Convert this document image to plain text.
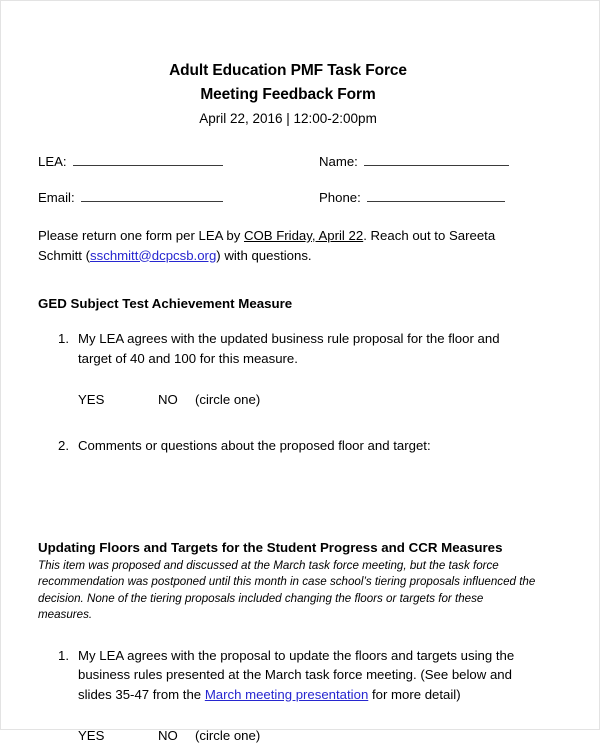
Adult Education PMF Task Force
Meeting Feedback Form
April 22, 2016 | 12:00-2:00pm
LEA:	Name:
Email:	Phone:
Please return one form per LEA by COB Friday, April 22. Reach out to Sareeta Schmitt (sschmitt@dcpcsb.org) with questions.
GED Subject Test Achievement Measure
1. My LEA agrees with the updated business rule proposal for the floor and target of 40 and 100 for this measure.
YES	NO	(circle one)
2. Comments or questions about the proposed floor and target:
Updating Floors and Targets for the Student Progress and CCR Measures
This item was proposed and discussed at the March task force meeting, but the task force recommendation was postponed until this month in case school’s tiering proposals influenced the decision. None of the tiering proposals included changing the floors or targets for these measures.
1. My LEA agrees with the proposal to update the floors and targets using the business rules presented at the March task force meeting. (See below and slides 35-47 from the March meeting presentation for more detail)
YES	NO	(circle one)
